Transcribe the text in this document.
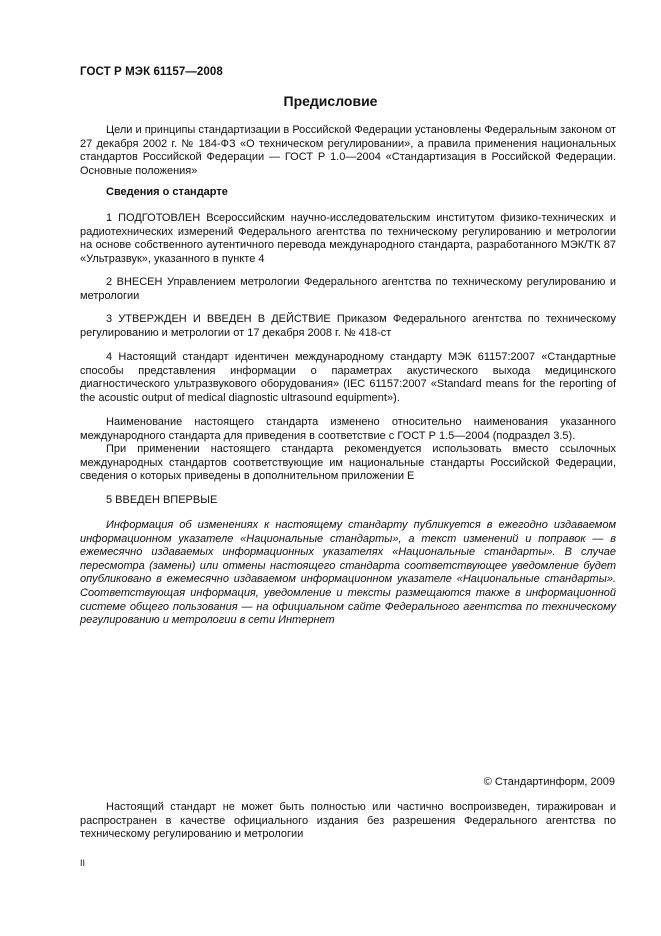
ГОСТ Р МЭК 61157—2008
Предисловие

Цели и принципы стандартизации в Российской Федерации установлены Федеральным законом от 27 декабря 2002 г. № 184-ФЗ «О техническом регулировании», а правила применения национальных стандартов Российской Федерации — ГОСТ Р 1.0—2004 «Стандартизация в Российской Федерации. Основные положения»

Сведения о стандарте

1 ПОДГОТОВЛЕН Всероссийским научно-исследовательским институтом физико-технических и радиотехнических измерений Федерального агентства по техническому регулированию и метрологии на основе собственного аутентичного перевода международного стандарта, разработанного МЭК/ТК 87 «Ультразвук», указанного в пункте 4

2 ВНЕСЕН Управлением метрологии Федерального агентства по техническому регулированию и метрологии

3 УТВЕРЖДЕН И ВВЕДЕН В ДЕЙСТВИЕ Приказом Федерального агентства по техническому регулированию и метрологии от 17 декабря 2008 г. № 418-ст

4 Настоящий стандарт идентичен международному стандарту МЭК 61157:2007 «Стандартные способы представления информации о параметрах акустического выхода медицинского диагностического ультразвукового оборудования» (IEC 61157:2007 «Standard means for the reporting of the acoustic output of medical diagnostic ultrasound equipment»).

Наименование настоящего стандарта изменено относительно наименования указанного международного стандарта для приведения в соответствие с ГОСТ Р 1.5—2004 (подраздел 3.5).

При применении настоящего стандарта рекомендуется использовать вместо ссылочных международных стандартов соответствующие им национальные стандарты Российской Федерации, сведения о которых приведены в дополнительном приложении Е

5 ВВЕДЕН ВПЕРВЫЕ

Информация об изменениях к настоящему стандарту публикуется в ежегодно издаваемом информационном указателе «Национальные стандарты», а текст изменений и поправок — в ежемесячно издаваемых информационных указателях «Национальные стандарты». В случае пересмотра (замены) или отмены настоящего стандарта соответствующее уведомление будет опубликовано в ежемесячно издаваемом информационном указателе «Национальные стандарты». Соответствующая информация, уведомление и тексты размещаются также в информационной системе общего пользования — на официальном сайте Федерального агентства по техническому регулированию и метрологии в сети Интернет

© Стандартинформ, 2009

Настоящий стандарт не может быть полностью или частично воспроизведен, тиражирован и распространен в качестве официального издания без разрешения Федерального агентства по техническому регулированию и метрологии

II
